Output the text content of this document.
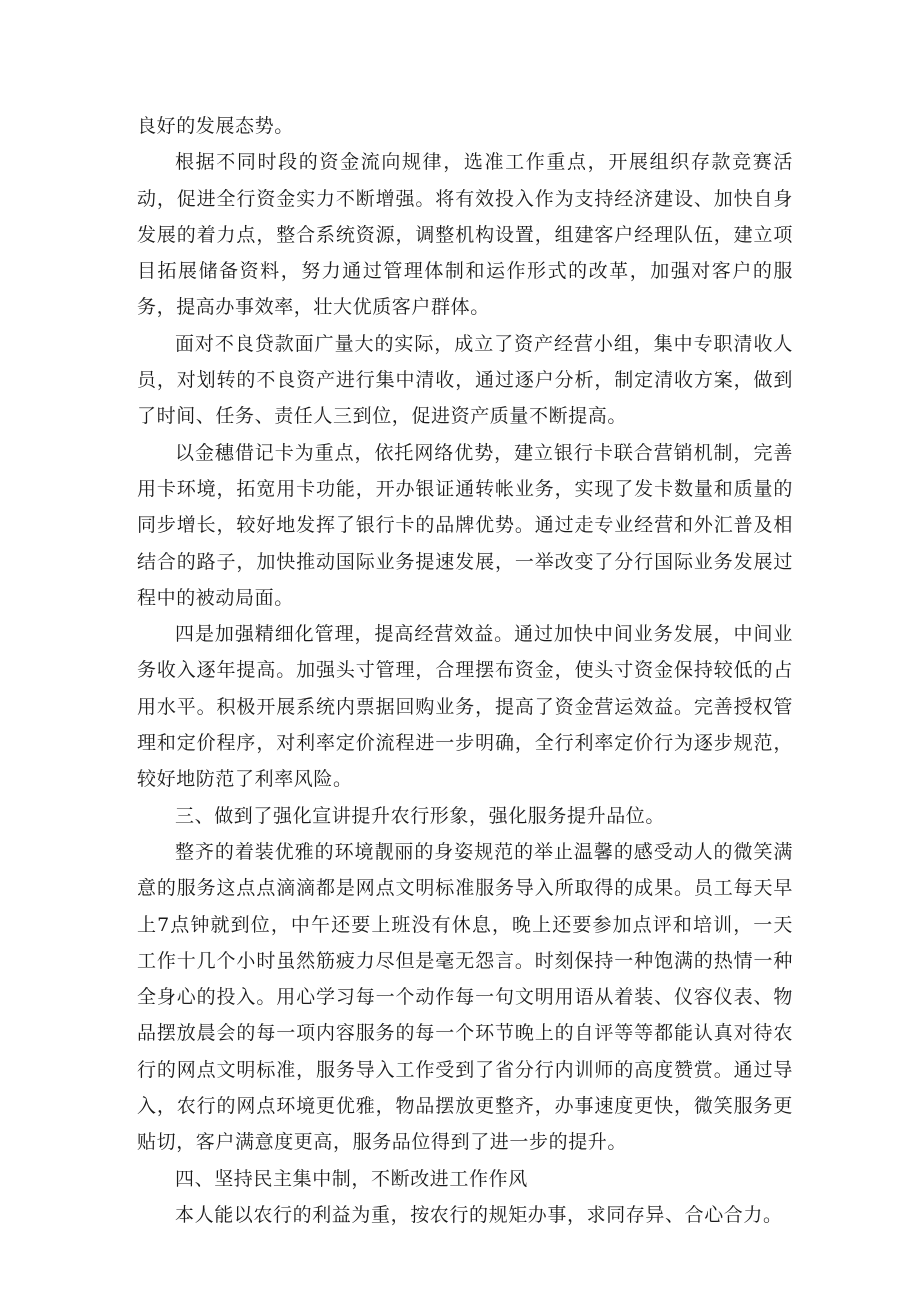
良好的发展态势。

根据不同时段的资金流向规律，选准工作重点，开展组织存款竞赛活动，促进全行资金实力不断增强。将有效投入作为支持经济建设、加快自身发展的着力点，整合系统资源，调整机构设置，组建客户经理队伍，建立项目拓展储备资料，努力通过管理体制和运作形式的改革，加强对客户的服务，提高办事效率，壮大优质客户群体。

面对不良贷款面广量大的实际，成立了资产经营小组，集中专职清收人员，对划转的不良资产进行集中清收，通过逐户分析，制定清收方案，做到了时间、任务、责任人三到位，促进资产质量不断提高。

以金穗借记卡为重点，依托网络优势，建立银行卡联合营销机制，完善用卡环境，拓宽用卡功能，开办银证通转帐业务，实现了发卡数量和质量的同步增长，较好地发挥了银行卡的品牌优势。通过走专业经营和外汇普及相结合的路子，加快推动国际业务提速发展，一举改变了分行国际业务发展过程中的被动局面。

四是加强精细化管理，提高经营效益。通过加快中间业务发展，中间业务收入逐年提高。加强头寸管理，合理摆布资金，使头寸资金保持较低的占用水平。积极开展系统内票据回购业务，提高了资金营运效益。完善授权管理和定价程序，对利率定价流程进一步明确，全行利率定价行为逐步规范，较好地防范了利率风险。

三、做到了强化宣讲提升农行形象，强化服务提升品位。

整齐的着装优雅的环境靓丽的身姿规范的举止温馨的感受动人的微笑满意的服务这点点滴滴都是网点文明标准服务导入所取得的成果。员工每天早上7点钟就到位，中午还要上班没有休息，晚上还要参加点评和培训，一天工作十几个小时虽然筋疲力尽但是毫无怨言。时刻保持一种饱满的热情一种全身心的投入。用心学习每一个动作每一句文明用语从着装、仪容仪表、物品摆放晨会的每一项内容服务的每一个环节晚上的自评等等都能认真对待农行的网点文明标准，服务导入工作受到了省分行内训师的高度赞赏。通过导入，农行的网点环境更优雅，物品摆放更整齐，办事速度更快，微笑服务更贴切，客户满意度更高，服务品位得到了进一步的提升。

四、坚持民主集中制，不断改进工作作风

本人能以农行的利益为重，按农行的规矩办事，求同存异、合心合力。
